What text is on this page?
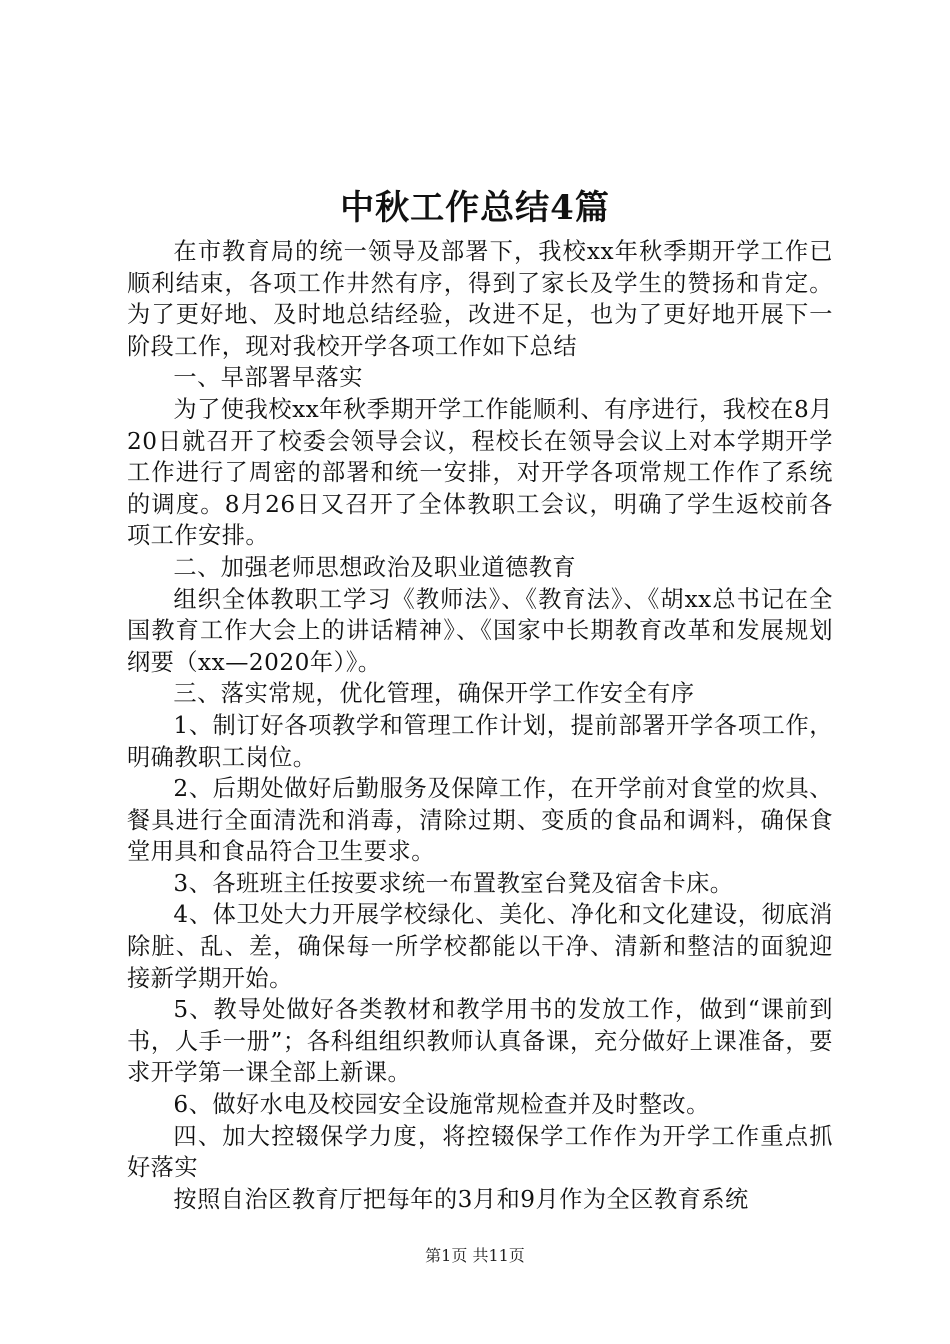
中秋工作总结4篇

在市教育局的统一领导及部署下，我校xx年秋季期开学工作已顺利结束，各项工作井然有序，得到了家长及学生的赞扬和肯定。为了更好地、及时地总结经验，改进不足，也为了更好地开展下一阶段工作，现对我校开学各项工作如下总结

一、早部署早落实

为了使我校xx年秋季期开学工作能顺利、有序进行，我校在8月20日就召开了校委会领导会议，程校长在领导会议上对本学期开学工作进行了周密的部署和统一安排，对开学各项常规工作作了系统的调度。8月26日又召开了全体教职工会议，明确了学生返校前各项工作安排。

二、加强老师思想政治及职业道德教育

组织全体教职工学习《教师法》、《教育法》、《胡xx总书记在全国教育工作大会上的讲话精神》、《国家中长期教育改革和发展规划纲要（xx—2020年）》。

三、落实常规，优化管理，确保开学工作安全有序

1、制订好各项教学和管理工作计划，提前部署开学各项工作，明确教职工岗位。

2、后期处做好后勤服务及保障工作，在开学前对食堂的炊具、餐具进行全面清洗和消毒，清除过期、变质的食品和调料，确保食堂用具和食品符合卫生要求。

3、各班班主任按要求统一布置教室台凳及宿舍卡床。

4、体卫处大力开展学校绿化、美化、净化和文化建设，彻底消除脏、乱、差，确保每一所学校都能以干净、清新和整洁的面貌迎接新学期开始。

5、教导处做好各类教材和教学用书的发放工作，做到“课前到书，人手一册”；各科组组织教师认真备课，充分做好上课准备，要求开学第一课全部上新课。

6、做好水电及校园安全设施常规检查并及时整改。

四、加大控辍保学力度，将控辍保学工作作为开学工作重点抓好落实

按照自治区教育厅把每年的3月和9月作为全区教育系统

第1页 共11页
